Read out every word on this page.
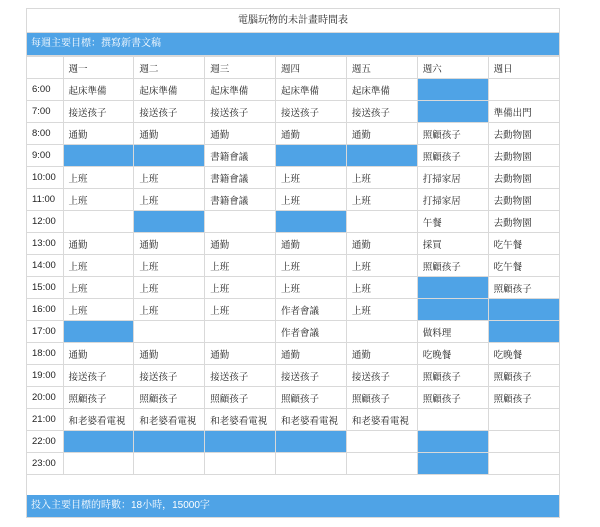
電腦玩物的未計畫時間表
每週主要目標：撰寫新書文稿
	週一	週二	週三	週四	週五	週六	週日
6:00	起床準備	起床準備	起床準備	起床準備	起床準備		
7:00	接送孩子	接送孩子	接送孩子	接送孩子	接送孩子		準備出門
8:00	通勤	通勤	通勤	通勤	通勤	照顧孩子	去動物園
9:00			書籍會議			照顧孩子	去動物園
10:00	上班	上班	書籍會議	上班	上班	打掃家居	去動物園
11:00	上班	上班	書籍會議	上班	上班	打掃家居	去動物園
12:00						午餐	去動物園
13:00	通勤	通勤	通勤	通勤	通勤	採買	吃午餐
14:00	上班	上班	上班	上班	上班	照顧孩子	吃午餐
15:00	上班	上班	上班	上班	上班		照顧孩子
16:00	上班	上班	上班	作者會議	上班		
17:00				作者會議		做料理	
18:00	通勤	通勤	通勤	通勤	通勤	吃晚餐	吃晚餐
19:00	接送孩子	接送孩子	接送孩子	接送孩子	接送孩子	照顧孩子	照顧孩子
20:00	照顧孩子	照顧孩子	照顧孩子	照顧孩子	照顧孩子	照顧孩子	照顧孩子
21:00	和老婆看電視	和老婆看電視	和老婆看電視	和老婆看電視	和老婆看電視		
22:00							
23:00							
投入主要目標的時數：18小時，15000字
